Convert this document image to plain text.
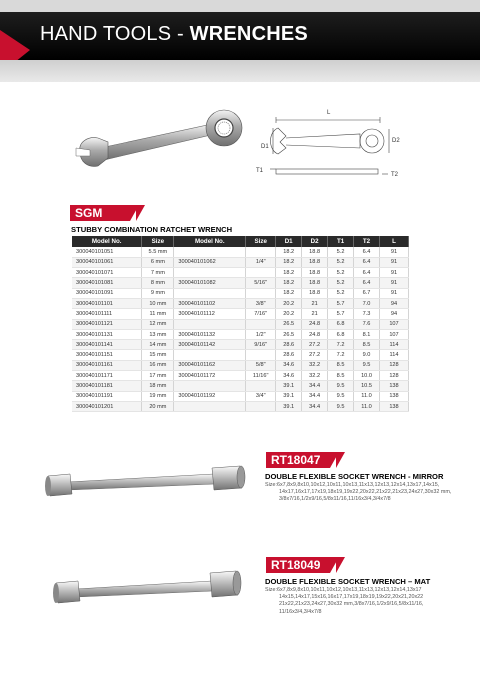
HAND TOOLS - WRENCHES
L
D1
D2
T1
T2
SGM
STUBBY COMBINATION RATCHET WRENCH
Model No.	Size	Model No.	Size	D1	D2	T1	T2	L
300040101051	5.5 mm			18.2	18.8	5.2	6.4	91
300040101061	6 mm	300040101062	1/4"	18.2	18.8	5.2	6.4	91
300040101071	7 mm			18.2	18.8	5.2	6.4	91
300040101081	8 mm	300040101082	5/16"	18.2	18.8	5.2	6.4	91
300040101091	9 mm			18.2	18.8	5.2	6.7	91
300040101101	10 mm	300040101102	3/8"	20.2	21	5.7	7.0	94
300040101111	11 mm	300040101112	7/16"	20.2	21	5.7	7.3	94
300040101121	12 mm			26.5	24.8	6.8	7.6	107
300040101131	13 mm	300040101132	1/2"	26.5	24.8	6.8	8.1	107
300040101141	14 mm	300040101142	9/16"	28.6	27.2	7.2	8.5	114
300040101151	15 mm			28.6	27.2	7.2	9.0	114
300040101161	16 mm	300040101162	5/8"	34.6	32.2	8.5	9.5	128
300040101171	17 mm	300040101172	11/16"	34.6	32.2	8.5	10.0	128
300040101181	18 mm			39.1	34.4	9.5	10.5	138
300040101191	19 mm	300040101192	3/4"	39.1	34.4	9.5	11.0	138
300040101201	20 mm			39.1	34.4	9.5	11.0	138
RT18047
DOUBLE FLEXIBLE SOCKET WRENCH - MIRROR
Size:6x7,8x9,8x10,10x12,10x11,10x13,11x13,12x13,12x14,13x17,14x15,
14x17,16x17,17x19,18x19,19x22,20x22,21x22,21x23,24x27,30x32 mm,
3/8x7/16,1/2x9/16,5/8x11/16,11/16x3/4,3/4x7/8
RT18049
DOUBLE FLEXIBLE SOCKET WRENCH – MAT
Size:6x7,8x9,8x10,10x11,10x12,10x13,11x13,12x13,12x14,13x17
14x15,14x17,15x16,16x17,17x19,18x19,19x22,20x21,20x22
21x22,21x23,24x27,30x32 mm,3/8x7/16,1/2x9/16,5/8x11/16,
11/16x3/4,3/4x7/8
